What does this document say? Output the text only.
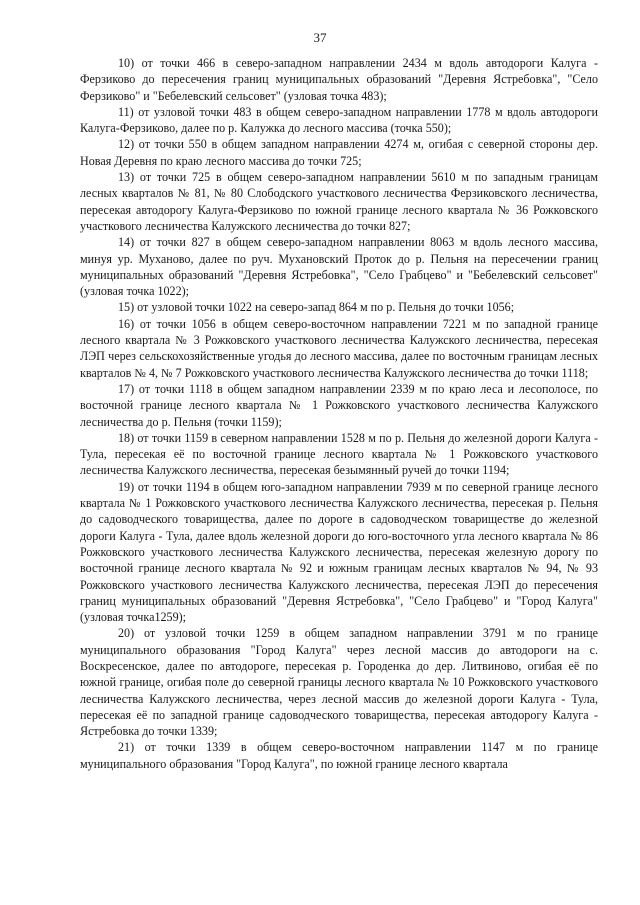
37

10) от точки 466 в северо-западном направлении 2434 м вдоль автодороги Калуга - Ферзиково до пересечения границ муниципальных образований "Деревня Ястребовка", "Село Ферзиково" и "Бебелевский сельсовет" (узловая точка 483);

11) от узловой точки 483 в общем северо-западном направлении 1778 м вдоль автодороги Калуга-Ферзиково, далее по р. Калужка до лесного массива (точка 550);

12) от точки 550 в общем западном направлении 4274 м, огибая с северной стороны дер. Новая Деревня по краю лесного массива до точки 725;

13) от точки 725 в общем северо-западном направлении 5610 м по западным границам лесных кварталов № 81, № 80 Слободского участкового лесничества Ферзиковского лесничества, пересекая автодорогу Калуга-Ферзиково по южной границе лесного квартала № 36 Рожковского участкового лесничества Калужского лесничества до точки 827;

14) от точки 827 в общем северо-западном направлении 8063 м вдоль лесного массива, минуя ур. Муханово, далее по руч. Мухановский Проток до р. Пельня на пересечении границ муниципальных образований "Деревня Ястребовка", "Село Грабцево" и "Бебелевский сельсовет" (узловая точка 1022);

15) от узловой точки 1022 на северо-запад 864 м по р. Пельня до точки 1056;

16) от точки 1056 в общем северо-восточном направлении 7221 м по западной границе лесного квартала № 3 Рожковского участкового лесничества Калужского лесничества, пересекая ЛЭП через сельскохозяйственные угодья до лесного массива, далее по восточным границам лесных кварталов № 4, № 7 Рожковского участкового лесничества Калужского лесничества до точки 1118;

17) от точки 1118 в общем западном направлении 2339 м по краю леса и лесополосе, по восточной границе лесного квартала № 1 Рожковского участкового лесничества Калужского лесничества до р. Пельня (точки 1159);

18) от точки 1159 в северном направлении 1528 м по р. Пельня до железной дороги Калуга - Тула, пересекая её по восточной границе лесного квартала № 1 Рожковского участкового лесничества Калужского лесничества, пересекая безымянный ручей до точки 1194;

19) от точки 1194 в общем юго-западном направлении 7939 м по северной границе лесного квартала № 1 Рожковского участкового лесничества Калужского лесничества, пересекая р. Пельня до садоводческого товарищества, далее по дороге в садоводческом товариществе до железной дороги Калуга - Тула, далее вдоль железной дороги до юго-восточного угла лесного квартала № 86 Рожковского участкового лесничества Калужского лесничества, пересекая железную дорогу по восточной границе лесного квартала № 92 и южным границам лесных кварталов № 94, № 93 Рожковского участкового лесничества Калужского лесничества, пересекая ЛЭП до пересечения границ муниципальных образований "Деревня Ястребовка", "Село Грабцево" и "Город Калуга" (узловая точка1259);

20) от узловой точки 1259 в общем западном направлении 3791 м по границе муниципального образования "Город Калуга" через лесной массив до автодороги на с. Воскресенское, далее по автодороге, пересекая р. Городенка до дер. Литвиново, огибая её по южной границе, огибая поле до северной границы лесного квартала № 10 Рожковского участкового лесничества Калужского лесничества, через лесной массив до железной дороги Калуга - Тула, пересекая её по западной границе садоводческого товарищества, пересекая автодорогу Калуга - Ястребовка до точки 1339;

21) от точки 1339 в общем северо-восточном направлении 1147 м по границе муниципального образования "Город Калуга", по южной границе лесного квартала
